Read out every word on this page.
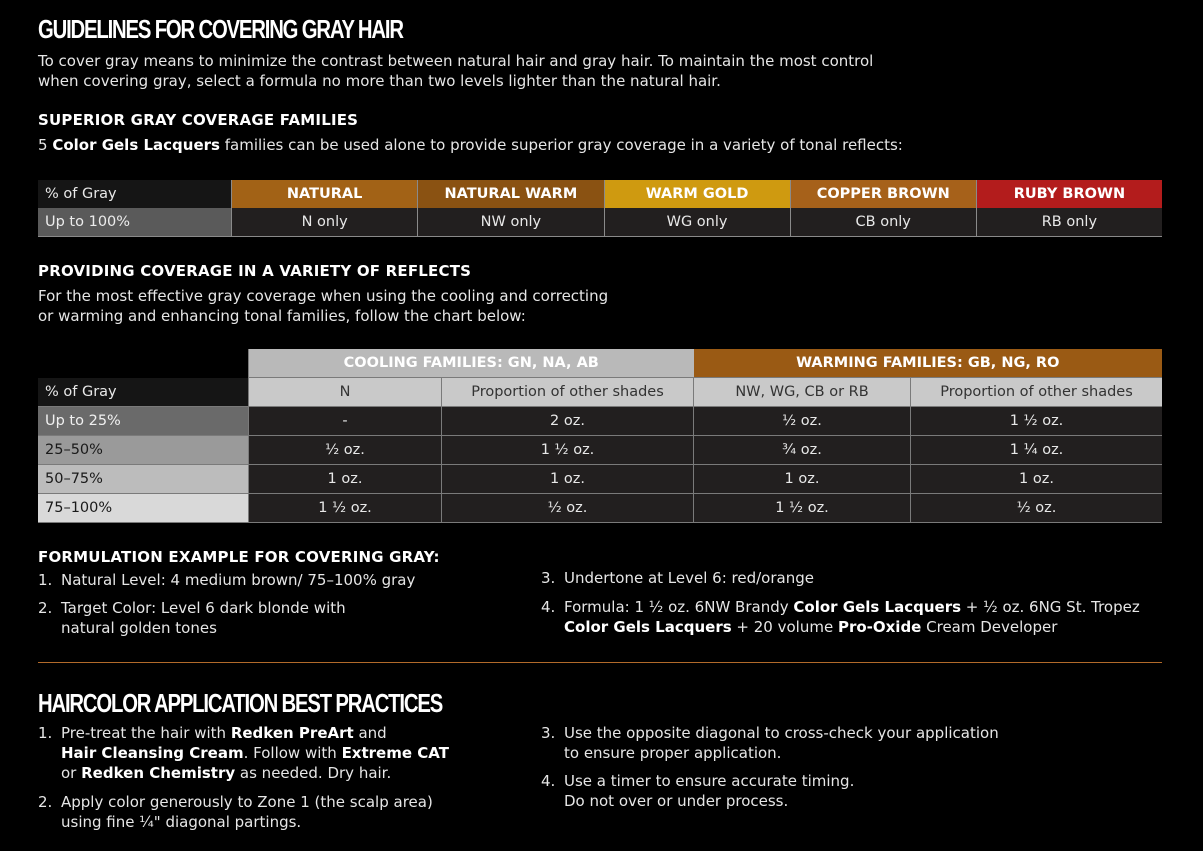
GUIDELINES FOR COVERING GRAY HAIR
To cover gray means to minimize the contrast between natural hair and gray hair. To maintain the most control
when covering gray, select a formula no more than two levels lighter than the natural hair.
SUPERIOR GRAY COVERAGE FAMILIES
5 Color Gels Lacquers families can be used alone to provide superior gray coverage in a variety of tonal reflects:
% of Gray	NATURAL	NATURAL WARM	WARM GOLD	COPPER BROWN	RUBY BROWN
Up to 100%	N only	NW only	WG only	CB only	RB only
PROVIDING COVERAGE IN A VARIETY OF REFLECTS
For the most effective gray coverage when using the cooling and correcting
or warming and enhancing tonal families, follow the chart below:
	COOLING FAMILIES: GN, NA, AB		WARMING FAMILIES: GB, NG, RO	
% of Gray	N	Proportion of other shades	NW, WG, CB or RB	Proportion of other shades
Up to 25%	-	2 oz.	½ oz.	1 ½ oz.
25–50%	½ oz.	1 ½ oz.	¾ oz.	1 ¼ oz.
50–75%	1 oz.	1 oz.	1 oz.	1 oz.
75–100%	1 ½ oz.	½ oz.	1 ½ oz.	½ oz.
FORMULATION EXAMPLE FOR COVERING GRAY:
1. Natural Level: 4 medium brown/ 75–100% gray
2. Target Color: Level 6 dark blonde with
natural golden tones
3. Undertone at Level 6: red/orange
4. Formula: 1 ½ oz. 6NW Brandy Color Gels Lacquers + ½ oz. 6NG St. Tropez
Color Gels Lacquers + 20 volume Pro-Oxide Cream Developer
HAIRCOLOR APPLICATION BEST PRACTICES
1. Pre-treat the hair with Redken PreArt and
Hair Cleansing Cream. Follow with Extreme CAT
or Redken Chemistry as needed. Dry hair.
2. Apply color generously to Zone 1 (the scalp area)
using fine ¼" diagonal partings.
3. Use the opposite diagonal to cross-check your application
to ensure proper application.
4. Use a timer to ensure accurate timing.
Do not over or under process.
